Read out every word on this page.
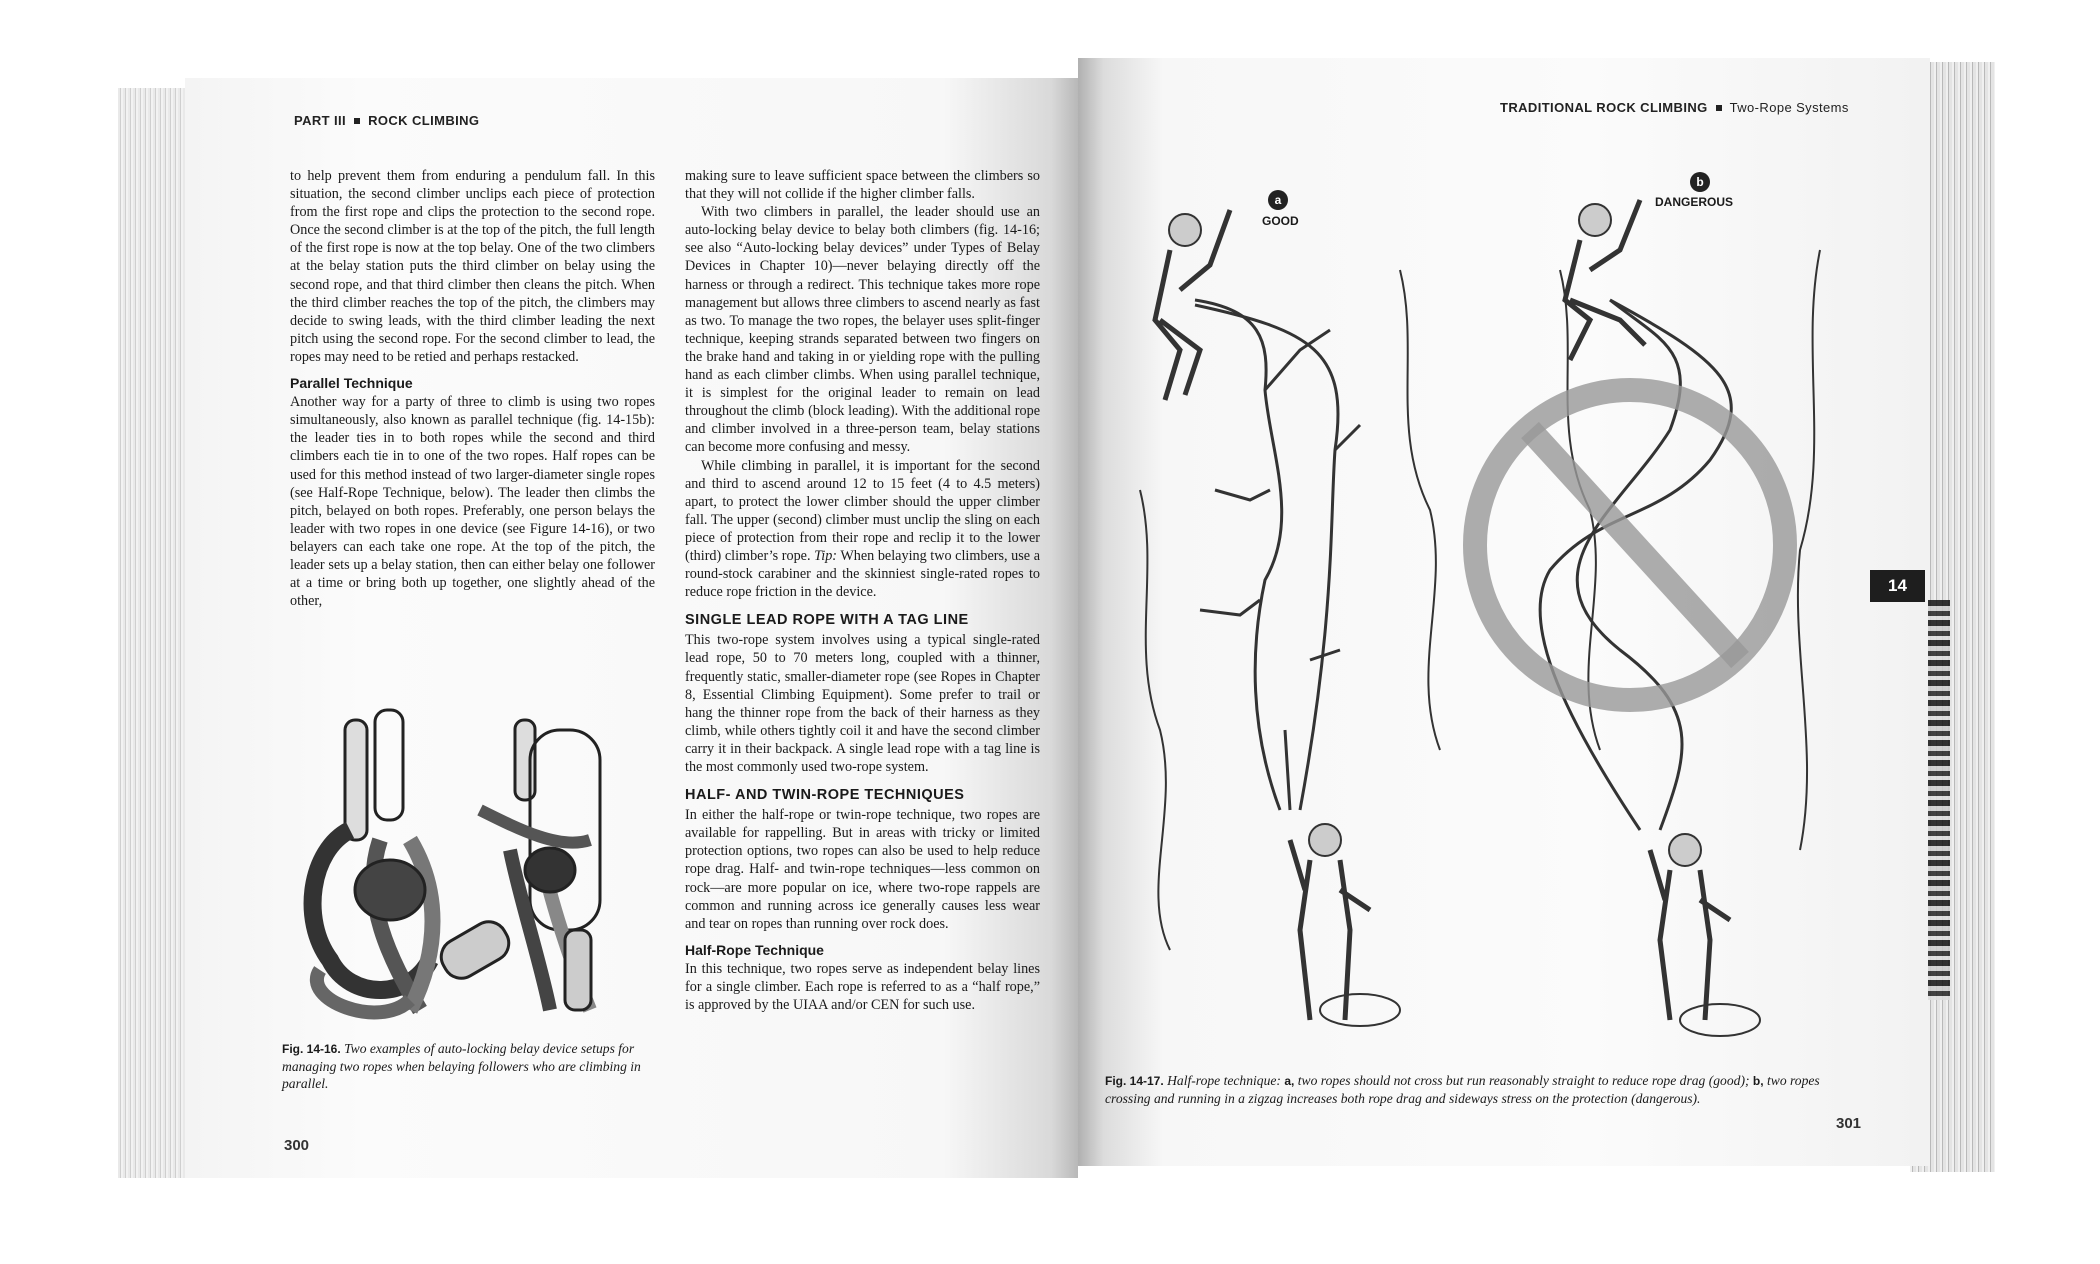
PART III ROCK CLIMBING

to help prevent them from enduring a pendulum fall. In this situation, the second climber unclips each piece of protection from the first rope and clips the protection to the second rope. Once the second climber is at the top of the pitch, the full length of the first rope is now at the top belay. One of the two climbers at the belay station puts the third climber on belay using the second rope, and that third climber then cleans the pitch. When the third climber reaches the top of the pitch, the climbers may decide to swing leads, with the third climber leading the next pitch using the second rope. For the second climber to lead, the ropes may need to be retied and perhaps restacked.

Parallel Technique

Another way for a party of three to climb is using two ropes simultaneously, also known as parallel technique (fig. 14-15b): the leader ties in to both ropes while the second and third climbers each tie in to one of the two ropes. Half ropes can be used for this method instead of two larger-diameter single ropes (see Half-Rope Technique, below). The leader then climbs the pitch, belayed on both ropes. Preferably, one person belays the leader with two ropes in one device (see Figure 14-16), or two belayers can each take one rope. At the top of the pitch, the leader sets up a belay station, then can either belay one follower at a time or bring both up together, one slightly ahead of the other,

making sure to leave sufficient space between the climbers so that they will not collide if the higher climber falls.

With two climbers in parallel, the leader should use an auto-locking belay device to belay both climbers (fig. 14-16; see also “Auto-locking belay devices” under Types of Belay Devices in Chapter 10)—never belaying directly off the harness or through a redirect. This technique takes more rope management but allows three climbers to ascend nearly as fast as two. To manage the two ropes, the belayer uses split-finger technique, keeping strands separated between two fingers on the brake hand and taking in or yielding rope with the pulling hand as each climber climbs. When using parallel technique, it is simplest for the original leader to remain on lead throughout the climb (block leading). With the additional rope and climber involved in a three-person team, belay stations can become more confusing and messy.

While climbing in parallel, it is important for the second and third to ascend around 12 to 15 feet (4 to 4.5 meters) apart, to protect the lower climber should the upper climber fall. The upper (second) climber must unclip the sling on each piece of protection from their rope and reclip it to the lower (third) climber’s rope. Tip: When belaying two climbers, use a round-stock carabiner and the skinniest single-rated ropes to reduce rope friction in the device.

SINGLE LEAD ROPE WITH A TAG LINE

This two-rope system involves using a typical single-rated lead rope, 50 to 70 meters long, coupled with a thinner, frequently static, smaller-diameter rope (see Ropes in Chapter 8, Essential Climbing Equipment). Some prefer to trail or hang the thinner rope from the back of their harness as they climb, while others tightly coil it and have the second climber carry it in their backpack. A single lead rope with a tag line is the most commonly used two-rope system.

HALF- AND TWIN-ROPE TECHNIQUES

In either the half-rope or twin-rope technique, two ropes are available for rappelling. But in areas with tricky or limited protection options, two ropes can also be used to help reduce rope drag. Half- and twin-rope techniques—less common on rock—are more popular on ice, where two-rope rappels are common and running across ice generally causes less wear and tear on ropes than running over rock does.

Half-Rope Technique

In this technique, two ropes serve as independent belay lines for a single climber. Each rope is referred to as a “half rope,” is approved by the UIAA and/or CEN for such use.

Fig. 14-16. Two examples of auto-locking belay device setups for managing two ropes when belaying followers who are climbing in parallel.
300
TRADITIONAL ROCK CLIMBING Two-Rope Systems
a
GOOD
b
DANGEROUS
Fig. 14-17. Half-rope technique: a, two ropes should not cross but run reasonably straight to reduce rope drag (good); b, two ropes crossing and running in a zigzag increases both rope drag and sideways stress on the protection (dangerous).
301
14
